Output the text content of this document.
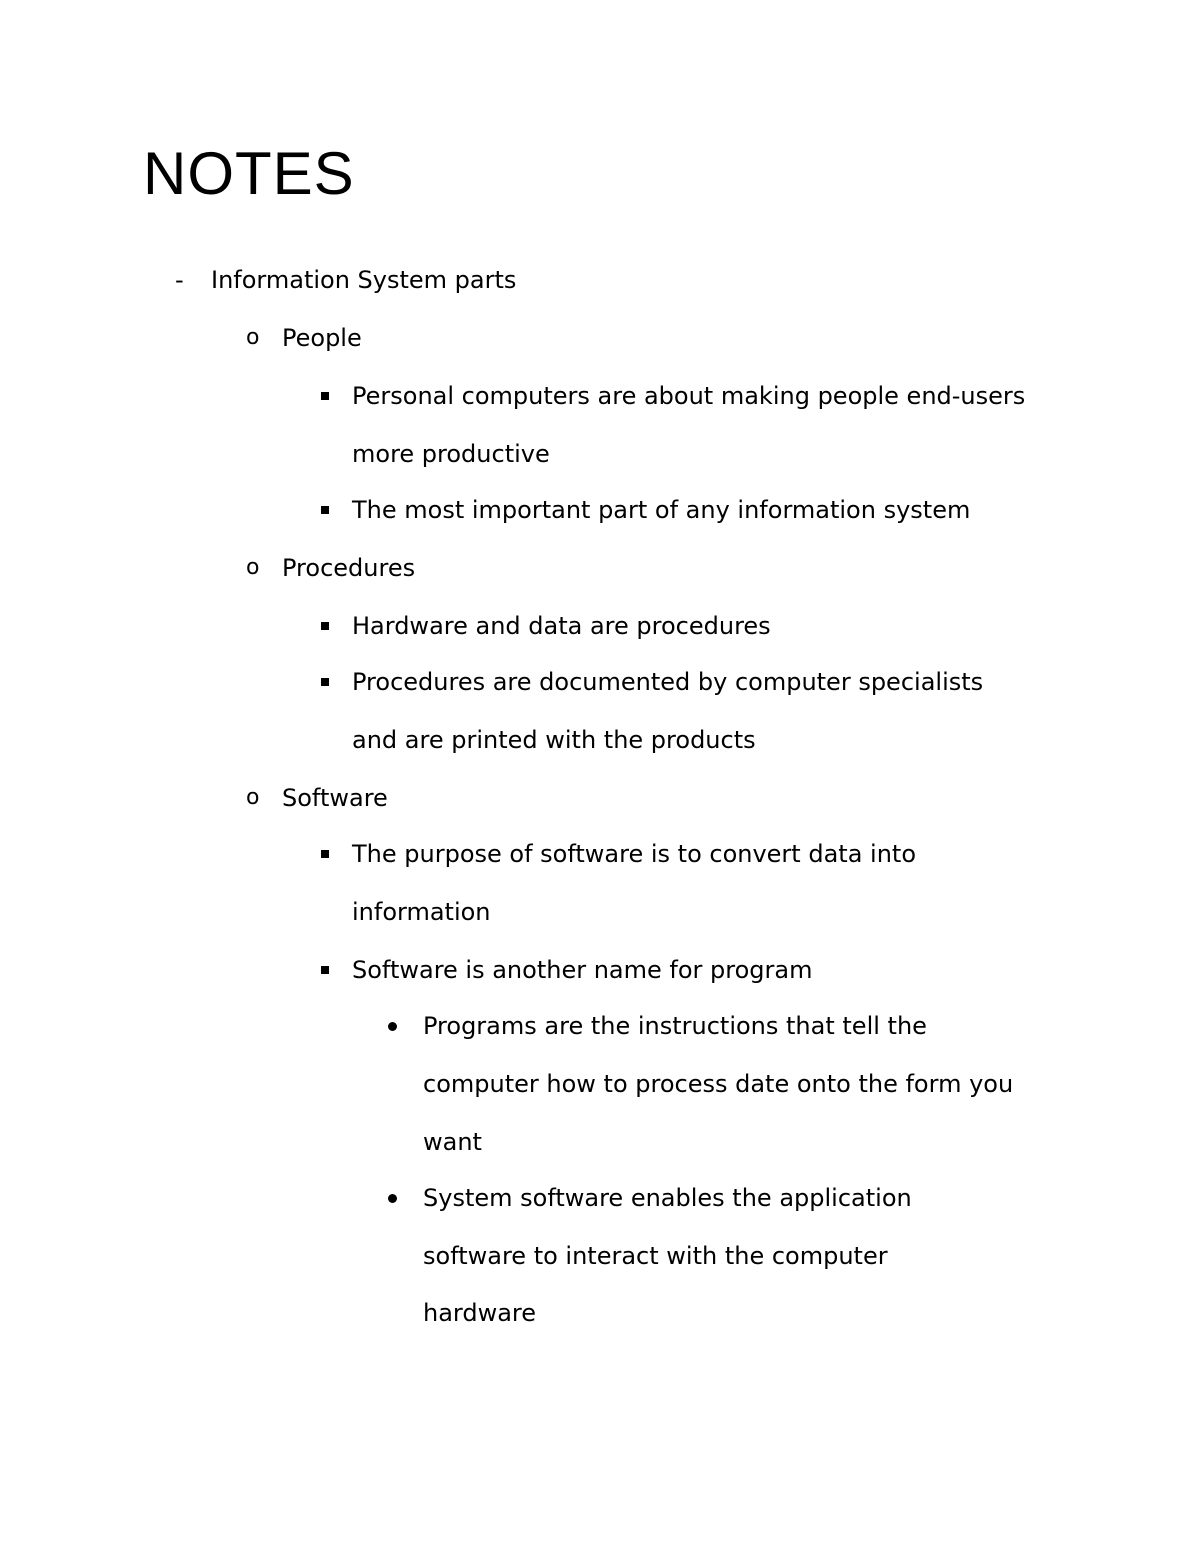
NOTES
- Information System parts
o People
Personal computers are about making people end-users
more productive
The most important part of any information system
o Procedures
Hardware and data are procedures
Procedures are documented by computer specialists
and are printed with the products
o Software
The purpose of software is to convert data into
information
Software is another name for program
Programs are the instructions that tell the
computer how to process date onto the form you
want
System software enables the application
software to interact with the computer
hardware
